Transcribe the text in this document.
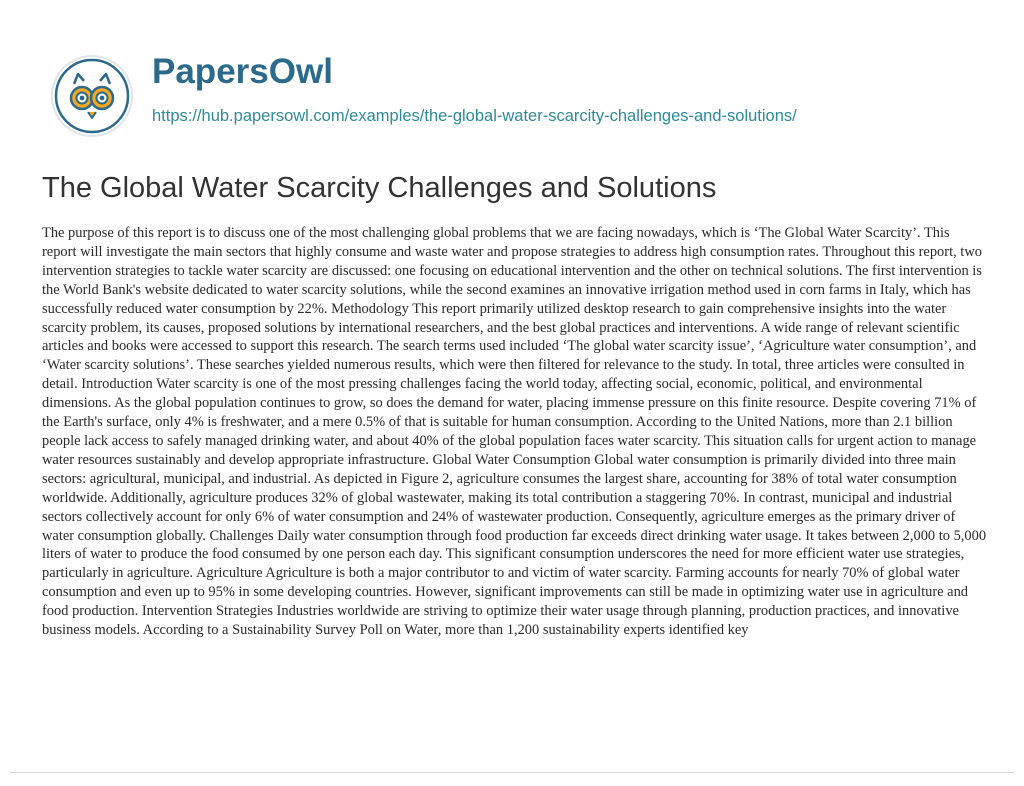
PapersOwl
https://hub.papersowl.com/examples/the-global-water-scarcity-challenges-and-solutions/
The Global Water Scarcity Challenges and Solutions

The purpose of this report is to discuss one of the most challenging global problems that we are facing nowadays, which is ‘The Global Water Scarcity’. This report will investigate the main sectors that highly consume and waste water and propose strategies to address high consumption rates. Throughout this report, two intervention strategies to tackle water scarcity are discussed: one focusing on educational intervention and the other on technical solutions. The first intervention is the World Bank's website dedicated to water scarcity solutions, while the second examines an innovative irrigation method used in corn farms in Italy, which has successfully reduced water consumption by 22%. Methodology This report primarily utilized desktop research to gain comprehensive insights into the water scarcity problem, its causes, proposed solutions by international researchers, and the best global practices and interventions. A wide range of relevant scientific articles and books were accessed to support this research. The search terms used included ‘The global water scarcity issue’, ‘Agriculture water consumption’, and ‘Water scarcity solutions’. These searches yielded numerous results, which were then filtered for relevance to the study. In total, three articles were consulted in detail. Introduction Water scarcity is one of the most pressing challenges facing the world today, affecting social, economic, political, and environmental dimensions. As the global population continues to grow, so does the demand for water, placing immense pressure on this finite resource. Despite covering 71% of the Earth's surface, only 4% is freshwater, and a mere 0.5% of that is suitable for human consumption. According to the United Nations, more than 2.1 billion people lack access to safely managed drinking water, and about 40% of the global population faces water scarcity. This situation calls for urgent action to manage water resources sustainably and develop appropriate infrastructure. Global Water Consumption Global water consumption is primarily divided into three main sectors: agricultural, municipal, and industrial. As depicted in Figure 2, agriculture consumes the largest share, accounting for 38% of total water consumption worldwide. Additionally, agriculture produces 32% of global wastewater, making its total contribution a staggering 70%. In contrast, municipal and industrial sectors collectively account for only 6% of water consumption and 24% of wastewater production. Consequently, agriculture emerges as the primary driver of water consumption globally. Challenges Daily water consumption through food production far exceeds direct drinking water usage. It takes between 2,000 to 5,000 liters of water to produce the food consumed by one person each day. This significant consumption underscores the need for more efficient water use strategies, particularly in agriculture. Agriculture Agriculture is both a major contributor to and victim of water scarcity. Farming accounts for nearly 70% of global water consumption and even up to 95% in some developing countries. However, significant improvements can still be made in optimizing water use in agriculture and food production. Intervention Strategies Industries worldwide are striving to optimize their water usage through planning, production practices, and innovative business models. According to a Sustainability Survey Poll on Water, more than 1,200 sustainability experts identified key
